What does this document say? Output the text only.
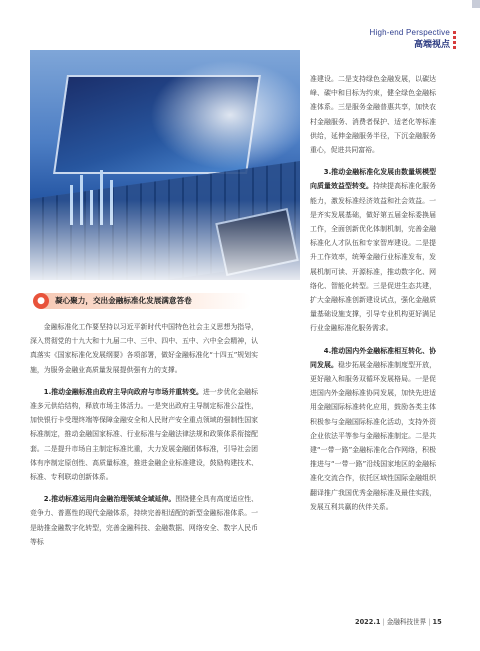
High-end Perspective
高端视点
●	凝心聚力，交出金融标准化发展满意答卷

金融标准化工作要坚持以习近平新时代中国特色社会主义思想为指导，深入贯彻党的十九大和十九届二中、三中、四中、五中、六中全会精神，认真落实《国家标准化发展纲要》各项部署，做好金融标准化“十四五”规划实施，为服务金融业高质量发展提供强有力的支撑。

1.推动金融标准由政府主导向政府与市场并重转变。进一步优化金融标准多元供给结构，释放市场主体活力。一是突出政府主导制定标准公益性，加快银行卡受理终端等保障金融安全和人民财产安全重点领域的强制性国家标准制定，推动金融国家标准、行业标准与金融法律法规和政策体系衔接配套。二是提升市场自主制定标准比重，大力发展金融团体标准，引导社会团体有序制定原创性、高质量标准，推进金融企业标准建设，鼓励构建技术、标准、专利联动创新体系。

2.推动标准运用向金融治理领域全域延伸。围绕健全具有高度适应性、竞争力、普惠性的现代金融体系，持续完善相适配的新型金融标准体系。一是助推金融数字化转型，完善金融科技、金融数据、网络安全、数字人民币等标

准建设。二是支持绿色金融发展，以碳达峰、碳中和目标为约束，健全绿色金融标准体系。三是服务金融普惠共享，加快农村金融服务、消费者保护、适老化等标准供给，延伸金融服务半径，下沉金融服务重心，促进共同富裕。

3.推动金融标准化发展由数量规模型向质量效益型转变。持续提高标准化服务能力，激发标准经济效益和社会效益。一是齐实发展基础，做好第五届金标委换届工作，全面创新优化体制机制，完善金融标准化人才队伍和专家智库建设。二是提升工作效率，统筹金融行业标准发布，发展机制可读、开源标准，推动数字化、网络化、智能化转型。三是促进生态共建，扩大金融标准创新建设试点，强化金融质量基础设施支撑，引导专业机构更好满足行业金融标准化服务需求。

4.推动国内外金融标准相互转化、协同发展。稳步拓展金融标准制度型开放，更好融入和服务双循环发展格局。一是促进国内外金融标准协同发展，加快先进适用金融国际标准转化应用，鼓励各类主体积极参与金融国际标准化活动，支持外资企业依法平等参与金融标准制定。二是共建“一带一路”金融标准化合作网络，积极推进与“一带一路”沿线国家地区的金融标准化交流合作，依托区域性国际金融组织翻译推广我国优秀金融标准及最佳实践，发展互利共赢的伙伴关系。

2022.1 | 金融科技世界 | 15
